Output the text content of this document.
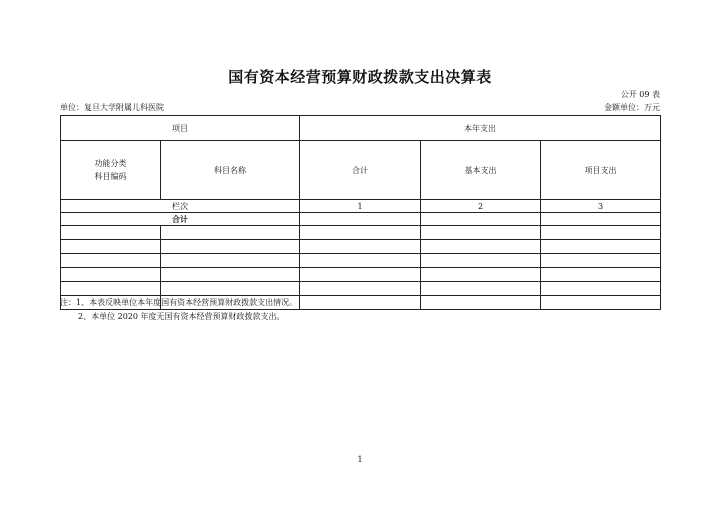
国有资本经营预算财政拨款支出决算表
公开 09 表
单位：复旦大学附属儿科医院	金额单位：万元
项目		本年支出		
功能分类
科目编码	科目名称	合计	基本支出	项目支出
栏次		1	2	3
合计				

注：1、本表反映单位本年度国有资本经营预算财政拨款支出情况。
2、本单位 2020 年度无国有资本经营预算财政拨款支出。
1
